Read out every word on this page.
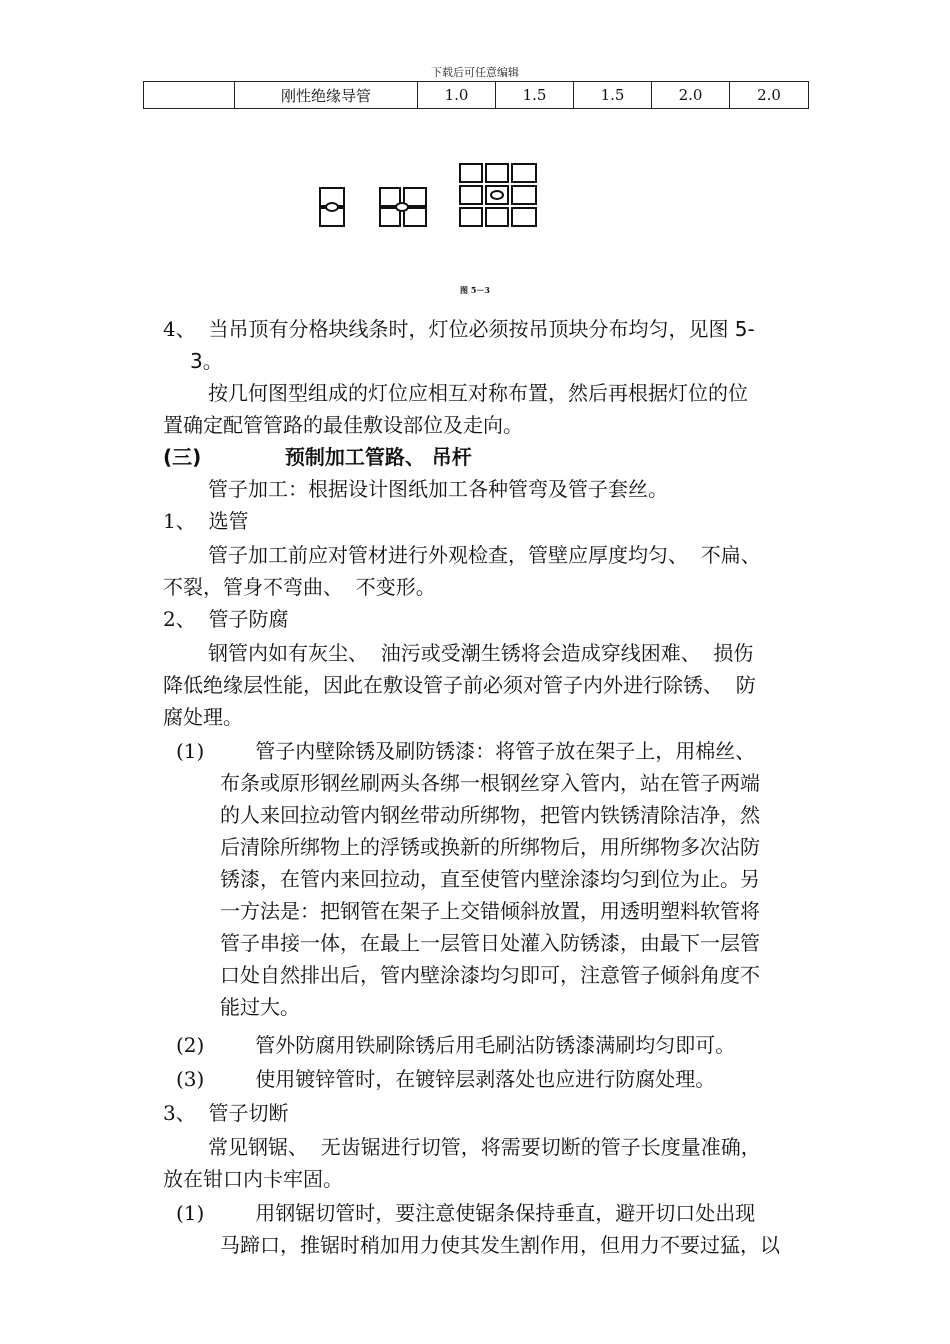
下载后可任意编辑
	刚性绝缘导管	1.0	1.5	1.5	2.0	2.0
图 5－3
4、  当吊顶有分格块线条时，灯位必须按吊顶块分布均匀，见图 5-
3。
按几何图型组成的灯位应相互对称布置，然后再根据灯位的位
置确定配管管路的最佳敷设部位及走向。
(三)            预制加工管路、 吊杆
管子加工：根据设计图纸加工各种管弯及管子套丝。
1、  选管
管子加工前应对管材进行外观检查，管壁应厚度均匀、  不扁、
不裂，管身不弯曲、  不变形。
2、  管子防腐
钢管内如有灰尘、  油污或受潮生锈将会造成穿线困难、  损伤
降低绝缘层性能，因此在敷设管子前必须对管子内外进行除锈、  防
腐处理。
(1)        管子内壁除锈及刷防锈漆：将管子放在架子上，用棉丝、
布条或原形钢丝刷两头各绑一根钢丝穿入管内，站在管子两端
的人来回拉动管内钢丝带动所绑物，把管内铁锈清除洁净，然
后清除所绑物上的浮锈或换新的所绑物后，用所绑物多次沾防
锈漆，在管内来回拉动，直至使管内壁涂漆均匀到位为止。另
一方法是：把钢管在架子上交错倾斜放置，用透明塑料软管将
管子串接一体，在最上一层管日处灌入防锈漆，由最下一层管
口处自然排出后，管内壁涂漆均匀即可，注意管子倾斜角度不
能过大。
(2)        管外防腐用铁刷除锈后用毛刷沾防锈漆满刷均匀即可。
(3)        使用镀锌管时，在镀锌层剥落处也应进行防腐处理。
3、  管子切断
常见钢锯、  无齿锯进行切管，将需要切断的管子长度量准确，
放在钳口内卡牢固。
(1)        用钢锯切管时，要注意使锯条保持垂直，避开切口处出现
马蹄口，推锯时稍加用力使其发生割作用，但用力不要过猛，以
